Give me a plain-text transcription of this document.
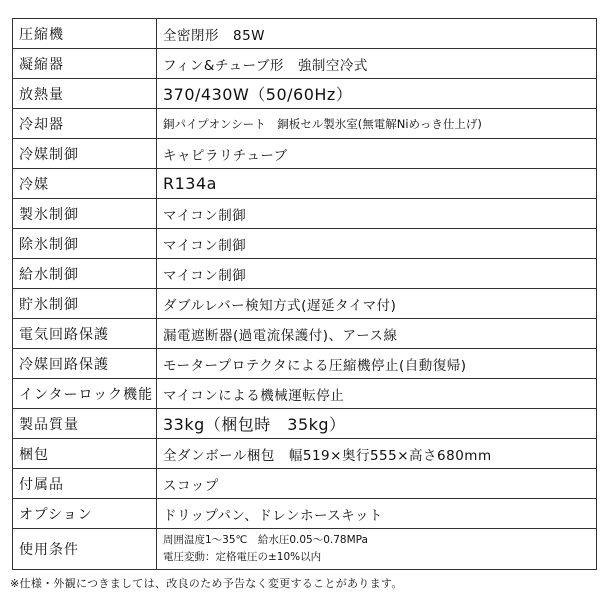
圧縮機	全密閉形　85W
凝縮器	フィン&チューブ形　強制空冷式
放熱量	370/430W（50/60Hz）
冷却器	銅パイプオンシート　銅板セル製氷室(無電解Niめっき仕上げ)
冷媒制御	キャピラリチューブ
冷媒	R134a
製氷制御	マイコン制御
除氷制御	マイコン制御
給水制御	マイコン制御
貯氷制御	ダブルレバー検知方式(遅延タイマ付)
電気回路保護	漏電遮断器(過電流保護付)、アース線
冷媒回路保護	モータープロテクタによる圧縮機停止(自動復帰)
インターロック機能	マイコンによる機械運転停止
製品質量	33kg（梱包時　35kg）
梱包	全ダンボール梱包　幅519×奥行555×高さ680mm
付属品	スコップ
オプション	ドリップパン、ドレンホースキット
使用条件	周囲温度1～35℃　給水圧0.05～0.78MPa
電圧変動：定格電圧の±10%以内
※仕様・外観につきましては、改良のため予告なく変更することがあります。
